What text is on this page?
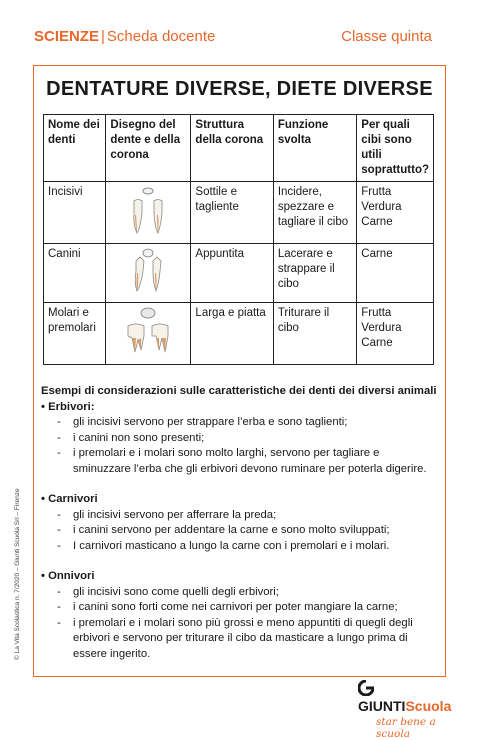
SCIENZE | Scheda docente	Classe quinta
DENTATURE DIVERSE, DIETE DIVERSE
Nome dei denti	Disegno del dente e della corona	Struttura della corona	Funzione svolta	Per quali cibi sono utili soprattutto?
Incisivi		Sottile e tagliente	Incidere, spezzare e tagliare il cibo	Frutta
Verdura
Carne

Canini		Appuntita	Lacerare e strappare il cibo	Carne

Molari e premolari		Larga e piatta	Triturare il cibo	Frutta
Verdura
Carne
Esempi di considerazioni sulle caratteristiche dei denti dei diversi animali
• Erbivori:
- gli incisivi servono per strappare l’erba e sono taglienti;
- i canini non sono presenti;
- i premolari e i molari sono molto larghi, servono per tagliare e sminuzzare l’erba che gli erbivori devono ruminare per poterla digerire.
• Carnivori
- gli incisivi servono per afferrare la preda;
- i canini servono per addentare la carne e sono molto sviluppati;
- I carnivori masticano a lungo la carne con i premolari e i molari.
• Onnivori
- gli incisivi sono come quelli degli erbivori;
- i canini sono forti come nei carnivori per poter mangiare la carne;
- i premolari e i molari sono più grossi e meno appuntiti di quegli degli erbivori e servono per triturare il cibo da masticare a lungo prima di essere ingerito.
© La Vita Scolastica n. 7/2020 – Giunti Scuola Srl – Firenze
GIUNTIScuola
star bene a scuola
